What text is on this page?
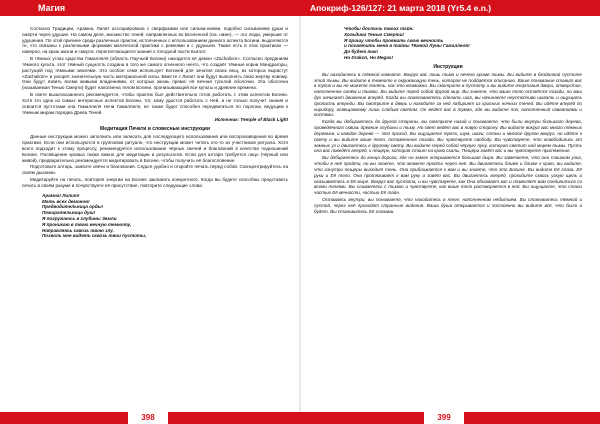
Магия

Согласно Традиции, Арамна, Лилит ассоциирована с сверфаками или сильва-ниями, подобно сильваниям души и смерти через удушие. На самом деле, множество теней, направленных во Вселенной (см. ниже), — это люди, умершие от удушения. По этой причине среди различных практик, истолченных с использованием данного аспекта Богини, выделяются те, что связаны с различными формами магической практики с ремнями и с удушьем. Также есть в этих практиках — наверно, на краю жизни и смерти, переплетающиеся знания о голодной пасти Кьялот.

В тёмных углах Царства Гамаллеля (область Паучьей Богини) находится её демон «Zachaliom». Согласно преданиям тёмного культа, этот тёмный сущность создана в того же самого огненного ничто, что создаёт тёмные корни Мандрагоры, растущей под тёмными землями. Это особое семя использует Богиней для зачатия своих вещ, из которых вырастут «Zachaliom» и ускорят значительную часть материальной силы. Вместе с Лилит они будут выполнять свою жертву новому. Они будут язвить всеми живыми владениями, от которых жизнь пряма: её вечная тусклой оболочки. Эта оболочка (называемая Тенью Смерти) будет наполнена телом Богини, пронизывающей все культы и древние времена.

В свете вышесказанного рекомендуется, чтобы практик был действительно готов работать с этим аспектом Богини. Хотя это одна из самых интересных аспектов Богини, тот, кому удастся работать с Ней, и не только получит знания и освоится пустотами она Гамаллеля Ночи Гамаллеля, не также будет способен передвигаться по порогам, ведущим к тёмным мирам порядка Древа Теней.

Источник: Temple of Black Light
Медитация Печати и словесные инструкции

Данные инструкции можно заполнить или записать для последующего использования или воспроизведения во время практики. Если они используются в групповом ритуале, что инструкции может читать кто-то из участников ритуала. Хотя всего подходит к этому процессу, рекомендуется использование чёрных свечей и благовоний в качестве подношений Богине. Посвящение кровью также важно для медитации и результатов. Если для алтаря требуется лицо (чёрный или живой), предварительно рекомендуется медитировать в Богине, чтобы получить её благословение.

Подготовьте алтарь, зажгите свечи и благовония. Сядьте удобно и откройте печать перед собой. Сконцентрируйтесь на своём дыхании.

Медитируйте на печать, повторяя энергии на Богине заклинать конкретного. Когда вы будете способны представить печать в своём разуме и почувствуете её присутствие, повторите следующие слова:

Арамна! Лилит!
Мать всех демонов!
Предводительница орды!
Пожирательница душ!
Я погружаюсь в глубины Земли
Я проникаю в твою вечную темноту,
Направляясь сквозь твою злу.
Позволь мне видеть сквозь твои пустоты,
398
Апокриф-126/127: 21 марта 2018 (Yr5.4 e.n.)
Чтобы достичь твоих тайн.
Хольдина Тенью Смерти!
Я прошу чтобы проявить свою вечность
и посвятить меня в тайны Тёмной Луны Гамаллеля!
До будет так!
Ho Drakon, Ho Megas!
Инструкции

Вы находитесь в тёмной комнате. Вокруг вас лишь тьма и нечего кроме тьмы. Вы видите в бездонной пустоте этой тьмы. Вы видите в темноте в окружающую тень, которая не поддаётся описанию. Ваше понимание ставит вас в тупик и вы не можете понять, как это возможно. Вы смотрите в пустоту и вы видите очертания двери, отверстие, наполненное огнём и тьмою. Вы видите перед собой другой мир. Вы знаете, что ваше тело остаётся позади, но ваш дух начинает движение вперёд. Когда вы осмеливаетесь сделать шаг, вы начинаете неустойчиво шагать и ощущать пропасть впереди. Вы смотрите в дверь и находите за ней лабиринт из красных ночных теней. Вы идёте вперёд по коридору, освещаемому лишь слабым светом. Он ведёт вас в туман, где вы видите пол, наполненный изваяниями и костями.

Когда вы добираетесь до другой стороны, вы смотрите назад и понимаете, что были внутри большого дерева, проведённого сквозь древние глубины и тьму. Но свет ведёт вас в новую сторону. Вы видите вокруг вас много тёмных деревьев, и каждое дерево — это проход. Вы ощущаете треск, шум, шаги, стоны и многое другое вокруг, но идёте к свету и вы видите ваше тело, оставленное позади. Вы чувствуете свободу. Вы чувствуете, что освободились от земных уз и двигаетесь к другому свету. Вы видите перед собой чёрную луну, которая светит над морем тьмы. Пусть она вас поведёт вперёд, к пещере, которая стоит на краю скалы. Пещера зовёт вас и вы чувствуете притяжение.

Вы добираетесь до конца дороги, где на земле открывается большая дыра. Вы замечаете, что она слишком узка, чтобы в неё пройти, но вы знаете, что можете пройти через неё. Вы двигаетесь ближе и ближе к краю, вы видите, что изнутри пещеры выходит тень. Она приближается к вам и вы знаете, что это Богиня. Вы видите Её глаза, Её руки и Её тело. Она протягивает к вам руку и зовёт вас. Вы двигаетесь вперёд, проходите сквозь узкую щель и оказываетесь в Её мире. Вокруг вас пустота, и вы чувствуете, как Она обнимает вас и позволяет вам соединиться со всеми тенями. Вы сливаетесь с тьмою и чувствуете, как ваше тело растворяется в ней. Вы ощущаете, что стали частью Её вечности, частью Её тайн.

Оставаясь внутри, вы понимаете, что находитесь в теле, наполненном небытием. Вы становитесь тёмной и пустой, через неё проходят странные видения. Ваша душа открывается и постоянно вы видите всё, что было и будет. Вы становитесь Её глазами.

399
